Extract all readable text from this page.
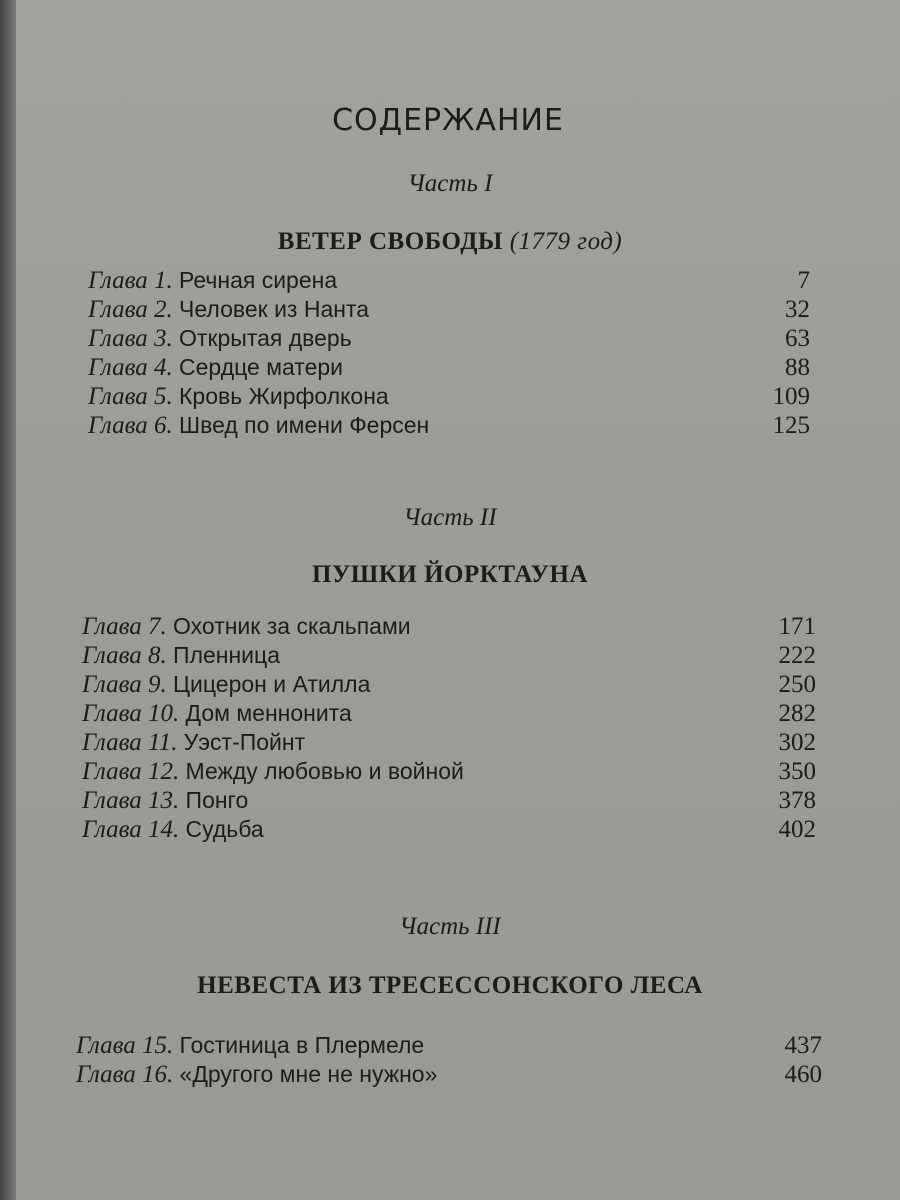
СОДЕРЖАНИЕ
Часть I
ВЕТЕР СВОБОДЫ (1779 год)
Глава 1. Речная сирена	7
Глава 2. Человек из Нанта	32
Глава 3. Открытая дверь	63
Глава 4. Сердце матери	88
Глава 5. Кровь Жирфолкона	109
Глава 6. Швед по имени Ферсен	125
Часть II
ПУШКИ ЙОРКТАУНА
Глава 7. Охотник за скальпами	171
Глава 8. Пленница	222
Глава 9. Цицерон и Атилла	250
Глава 10. Дом меннонита	282
Глава 11. Уэст-Пойнт	302
Глава 12. Между любовью и войной	350
Глава 13. Понго	378
Глава 14. Судьба	402
Часть III
НЕВЕСТА ИЗ ТРЕСЕССОНСКОГО ЛЕСА
Глава 15. Гостиница в Плермеле	437
Глава 16. «Другого мне не нужно»	460
